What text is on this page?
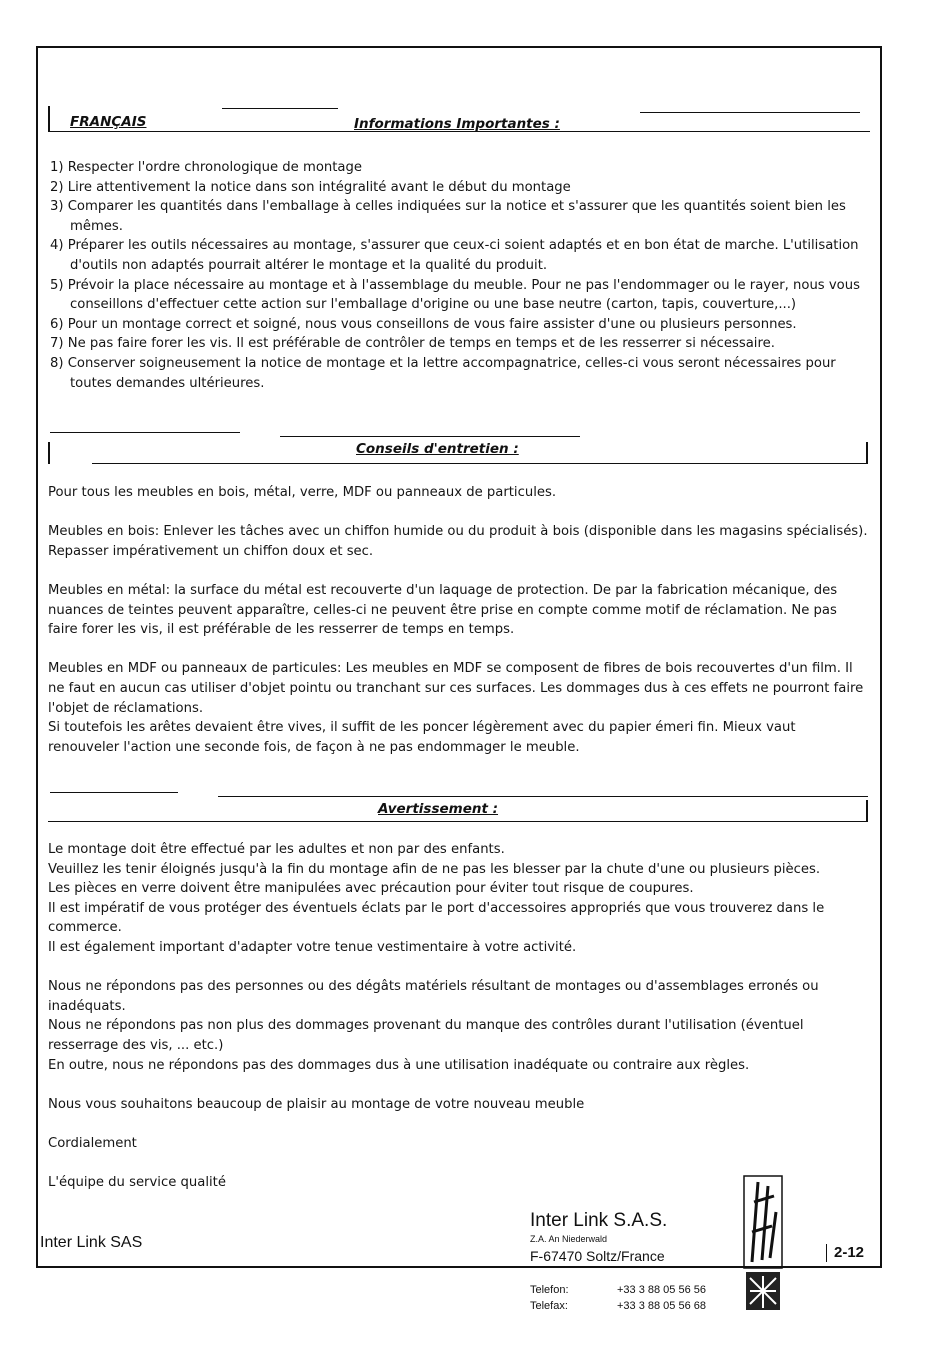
FRANÇAIS	Informations Importantes :
1) Respecter l'ordre chronologique de montage
2) Lire attentivement la notice dans son intégralité avant le début du montage
3) Comparer les quantités dans l'emballage à celles indiquées sur la notice et s'assurer que les quantités soient bien les mêmes.
4) Préparer les outils nécessaires au montage, s'assurer que ceux-ci soient adaptés et en bon état de marche. L'utilisation d'outils non adaptés pourrait altérer le montage et la qualité du produit.
5) Prévoir la place nécessaire au montage et à l'assemblage du meuble. Pour ne pas l'endommager ou le rayer, nous vous conseillons d'effectuer cette action sur l'emballage d'origine ou une base neutre (carton, tapis, couverture,...)
6) Pour un montage correct et soigné, nous vous conseillons de vous faire assister d'une ou plusieurs personnes.
7) Ne pas faire forer les vis. Il est préférable de contrôler de temps en temps et de les resserrer si nécessaire.
8) Conserver soigneusement la notice de montage et la lettre accompagnatrice, celles-ci vous seront nécessaires pour toutes demandes ultérieures.
Conseils d'entretien :

Pour tous les meubles en bois, métal, verre, MDF ou panneaux de particules.

Meubles en bois: Enlever les tâches avec un chiffon humide ou du produit à bois (disponible dans les magasins spécialisés). Repasser impérativement un chiffon doux et sec.

Meubles en métal: la surface du métal est recouverte d'un laquage de protection. De par la fabrication mécanique, des nuances de teintes peuvent apparaître, celles-ci ne peuvent être prise en compte comme motif de réclamation. Ne pas faire forer les vis, il est préférable de les resserrer de temps en temps.

Meubles en MDF ou panneaux de particules: Les meubles en MDF se composent de fibres de bois recouvertes d'un film. Il ne faut en aucun cas utiliser d'objet pointu ou tranchant sur ces surfaces. Les dommages dus à ces effets ne pourront faire l'objet de réclamations.
Si toutefois les arêtes devaient être vives, il suffit de les poncer légèrement avec du papier émeri fin. Mieux vaut renouveler l'action une seconde fois, de façon à ne pas endommager le meuble.

Avertissement :

Le montage doit être effectué par les adultes et non par des enfants.
Veuillez les tenir éloignés jusqu'à la fin du montage afin de ne pas les blesser par la chute d'une ou plusieurs pièces.
Les pièces en verre doivent être manipulées avec précaution pour éviter tout risque de coupures.
Il est impératif de vous protéger des éventuels éclats par le port d'accessoires appropriés que vous trouverez dans le commerce.
Il est également important d'adapter votre tenue vestimentaire à votre activité.

Nous ne répondons pas des personnes ou des dégâts matériels résultant de montages ou d'assemblages erronés ou inadéquats.
Nous ne répondons pas non plus des dommages provenant du manque des contrôles durant l'utilisation (éventuel resserrage des vis, ... etc.)
En outre, nous ne répondons pas des dommages dus à une utilisation inadéquate ou contraire aux règles.

Nous vous souhaitons beaucoup de plaisir au montage de votre nouveau meuble

Cordialement

L'équipe du service qualité

Inter Link SAS
Inter Link S.A.S.
Z.A. An Niederwald
F-67470 Soltz/France
Telefon:	+33 3 88 05 56 56
Telefax:	+33 3 88 05 56 68
2-12
